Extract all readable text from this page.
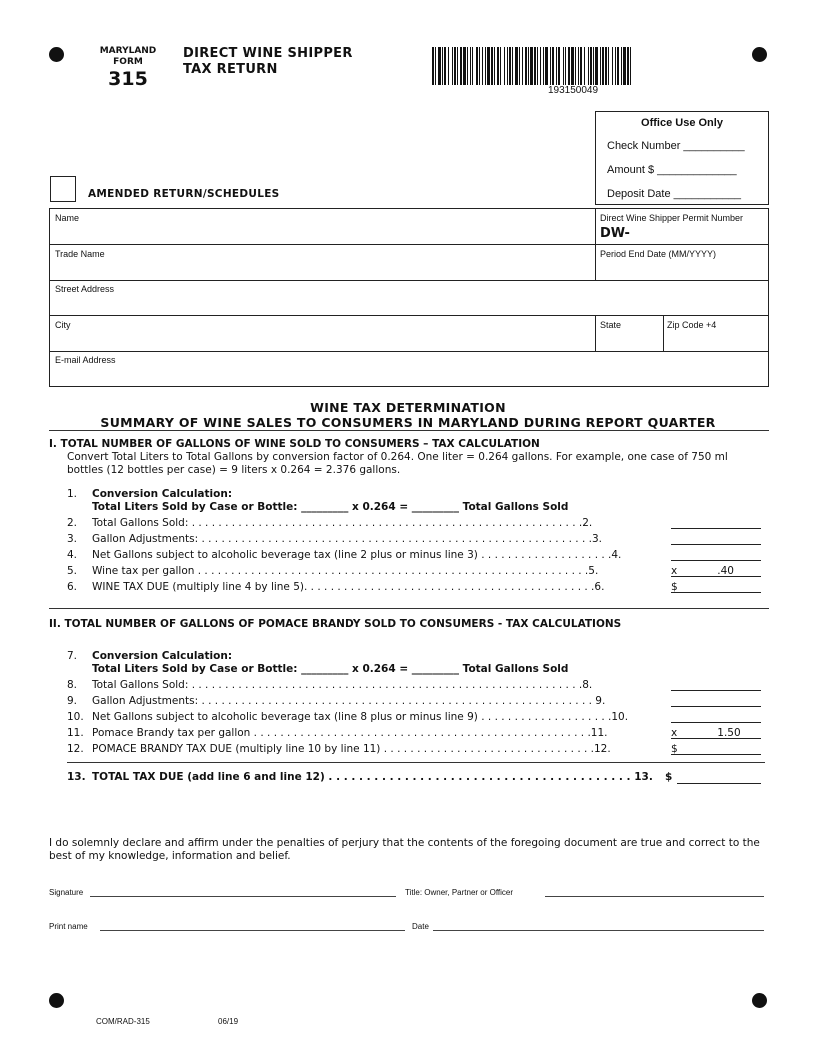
MARYLAND
FORM
315
DIRECT WINE SHIPPER
TAX RETURN
193150049
Office Use Only
Check Number __________
Amount $ _____________
Deposit Date ___________
AMENDED RETURN/SCHEDULES
Name	Direct Wine Shipper Permit Number
DW-
Trade Name	Period End Date (MM/YYYY)
Street Address
City	State	Zip Code +4
E-mail Address
WINE TAX DETERMINATION
SUMMARY OF WINE SALES TO CONSUMERS IN MARYLAND DURING REPORT QUARTER
I. TOTAL NUMBER OF GALLONS OF WINE SOLD TO CONSUMERS – TAX CALCULATION
Convert Total Liters to Total Gallons by conversion factor of 0.264. One liter = 0.264 gallons. For example, one case of 750 ml bottles (12 bottles per case) = 9 liters x 0.264 = 2.376 gallons.
1.	Conversion Calculation:
Total Liters Sold by Case or Bottle: _________ x 0.264 = _________ Total Gallons Sold
2.	Total Gallons Sold: . . . . . . . . . . . . . . . . . . . . . . . . . . . . . . . . . . . . . . . . . . . . . . . . . . . . . . . . . . .2.
3.	Gallon Adjustments: . . . . . . . . . . . . . . . . . . . . . . . . . . . . . . . . . . . . . . . . . . . . . . . . . . . . . . . . . . .3.
4.	Net Gallons subject to alcoholic beverage tax (line 2 plus or minus line 3) . . . . . . . . . . . . . . . . . . . .4.
5.	Wine tax per gallon . . . . . . . . . . . . . . . . . . . . . . . . . . . . . . . . . . . . . . . . . . . . . . . . . . . . . . . . . . .5.	x            .40
6.	WINE TAX DUE (multiply line 4 by line 5). . . . . . . . . . . . . . . . . . . . . . . . . . . . . . . . . . . . . . . . . . . .6.	$
II. TOTAL NUMBER OF GALLONS OF POMACE BRANDY SOLD TO CONSUMERS - TAX CALCULATIONS
7.	Conversion Calculation:
Total Liters Sold by Case or Bottle: _________ x 0.264 = _________ Total Gallons Sold
8.	Total Gallons Sold: . . . . . . . . . . . . . . . . . . . . . . . . . . . . . . . . . . . . . . . . . . . . . . . . . . . . . . . . . . .8.
9.	Gallon Adjustments: . . . . . . . . . . . . . . . . . . . . . . . . . . . . . . . . . . . . . . . . . . . . . . . . . . . . . . . . . . . 9.
10. Net Gallons subject to alcoholic beverage tax (line 8 plus or minus line 9) . . . . . . . . . . . . . . . . . . . .10.
11. Pomace Brandy tax per gallon . . . . . . . . . . . . . . . . . . . . . . . . . . . . . . . . . . . . . . . . . . . . . . . . . . .11.	x            1.50
12. POMACE BRANDY TAX DUE (multiply line 10 by line 11) . . . . . . . . . . . . . . . . . . . . . . . . . . . . . . . .12.	$
13. TOTAL TAX DUE (add line 6 and line 12) . . . . . . . . . . . . . . . . . . . . . . . . . . . . . . . . . . . . . . . . 13. $
I do solemnly declare and affirm under the penalties of perjury that the contents of the foregoing document are true and correct to the best of my knowledge, information and belief.
Signature	Title: Owner, Partner or Officer
Print name	Date
COM/RAD-315	06/19
